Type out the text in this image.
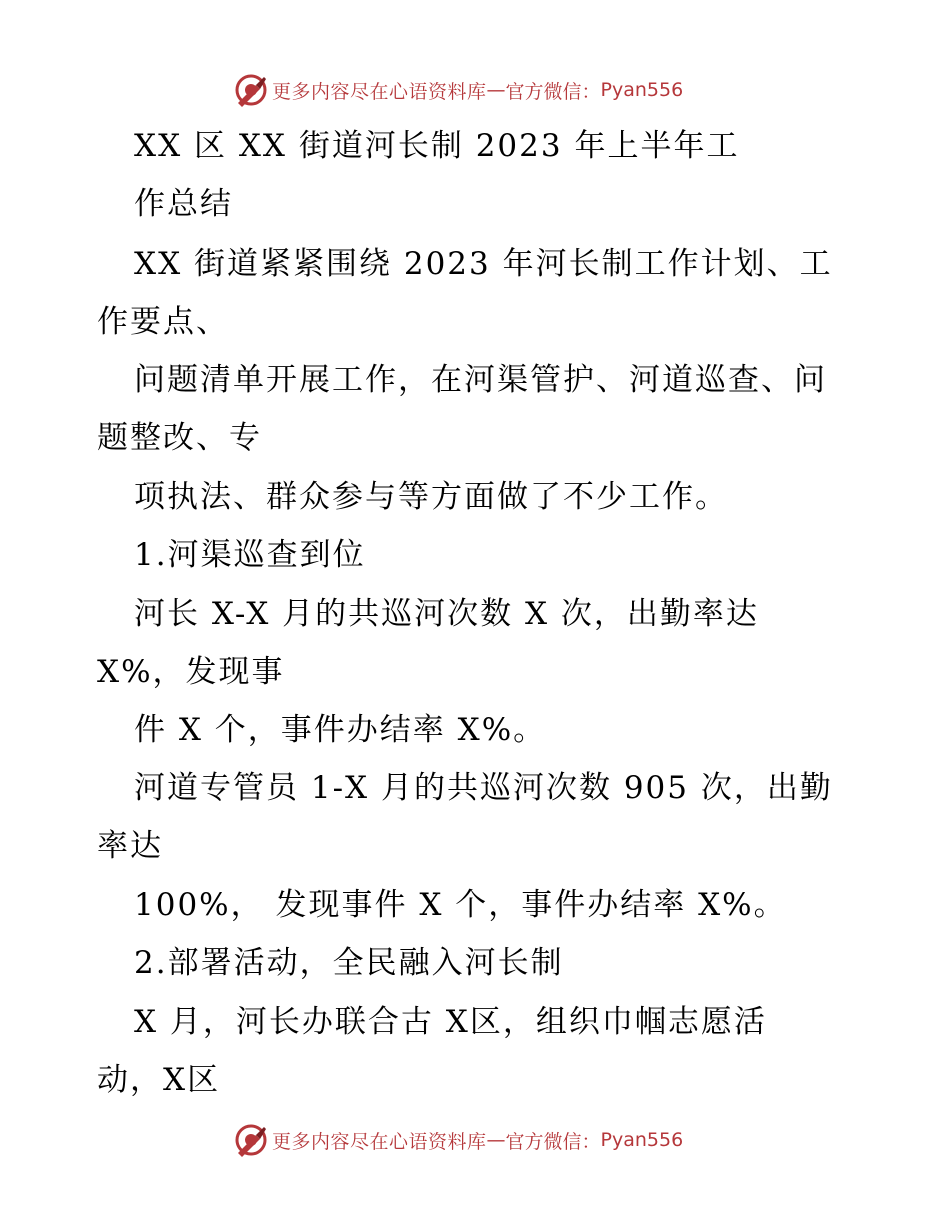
更多内容尽在心语资料库 — 官方微信： Pyan556
XX 区 XX 街道河长制 2023 年上半年工
作总结
XX 街道紧紧围绕 2023 年河长制工作计划、工
作要点、
问题清单开展工作，在河渠管护、河道巡查、问
题整改、专
项执法、群众参与等方面做了不少工作。
1.河渠巡查到位
河长 X-X 月的共巡河次数 X 次，出勤率达
X%，发现事
件 X 个，事件办结率 X%。
河道专管员 1-X 月的共巡河次数 905 次，出勤
率达
100%， 发现事件 X 个，事件办结率 X%。
2.部署活动，全民融入河长制
X 月，河长办联合古 X区，组织巾帼志愿活
动，X区
更多内容尽在心语资料库 — 官方微信： Pyan556
